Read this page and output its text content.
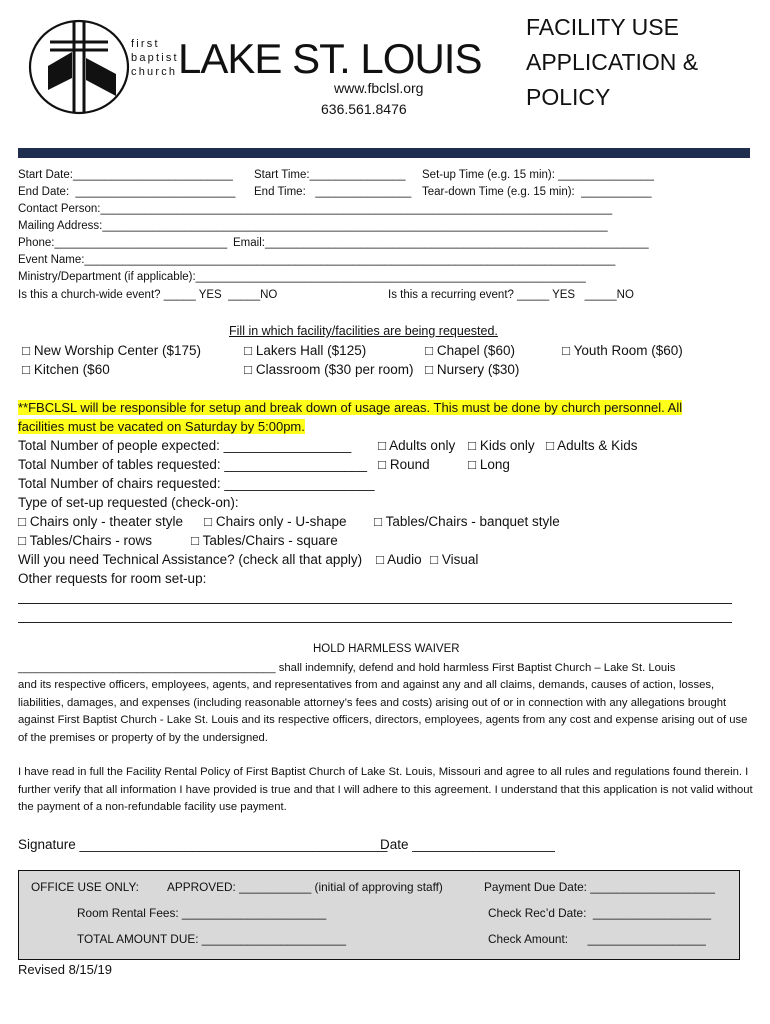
first
baptist
church LAKE ST. LOUIS
www.fbclsl.org
636.561.8476
FACILITY USE
APPLICATION &
POLICY
Start Date:_________________________ Start Time:_______________ Set-up Time (e.g. 15 min): _______________
End Date:  _________________________ End Time:   _______________ Tear-down Time (e.g. 15 min):  ___________
Contact Person:________________________________________________________________________________
Mailing Address:_______________________________________________________________________________
Phone:___________________________ Email:____________________________________________________________
Event Name:___________________________________________________________________________________
Ministry/Department (if applicable):_____________________________________________________________
Is this a church-wide event? _____ YES  _____NO	Is this a recurring event? _____ YES   _____NO
Fill in which facility/facilities are being requested.
□ New Worship Center ($175)	□ Lakers Hall ($125)	□ Chapel ($60)	□ Youth Room ($60)
□ Kitchen ($60	□ Classroom ($30 per room) □ Nursery ($30)
**FBCLSL will be responsible for setup and break down of usage areas. This must be done by church personnel. All
facilities must be vacated on Saturday by 5:00pm.
Total Number of people expected: _________________ □ Adults only □ Kids only □ Adults & Kids
Total Number of tables requested: ___________________ □ Round	□ Long
Total Number of chairs requested: ____________________
Type of set-up requested (check-on):
□ Chairs only - theater style □ Chairs only - U-shape □ Tables/Chairs - banquet style
□ Tables/Chairs - rows	□ Tables/Chairs - square
Will you need Technical Assistance? (check all that apply) □ Audio □ Visual
Other requests for room set-up:
HOLD HARMLESS WAIVER
_________________________________________ shall indemnify, defend and hold harmless First Baptist Church – Lake St. Louis
and its respective officers, employees, agents, and representatives from and against any and all claims, demands, causes of action, losses, liabilities, damages, and expenses (including reasonable attorney’s fees and costs) arising out of or in connection with any allegations brought against First Baptist Church - Lake St. Louis and its respective officers, directors, employees, agents from any cost and expense arising out of use of the premises or property of by the undersigned.
I have read in full the Facility Rental Policy of First Baptist Church of Lake St. Louis, Missouri and agree to all rules and regulations found therein. I further verify that all information I have provided is true and that I will adhere to this agreement. I understand that this application is not valid without the payment of a non-refundable facility use payment.
Signature _________________________________________
Date ___________________
OFFICE USE ONLY: APPROVED: ___________ (initial of approving staff)	Payment Due Date: ___________________
Room Rental Fees: ______________________	Check Rec’d Date:  __________________
TOTAL AMOUNT DUE: ______________________	Check Amount:      __________________
Revised 8/15/19
